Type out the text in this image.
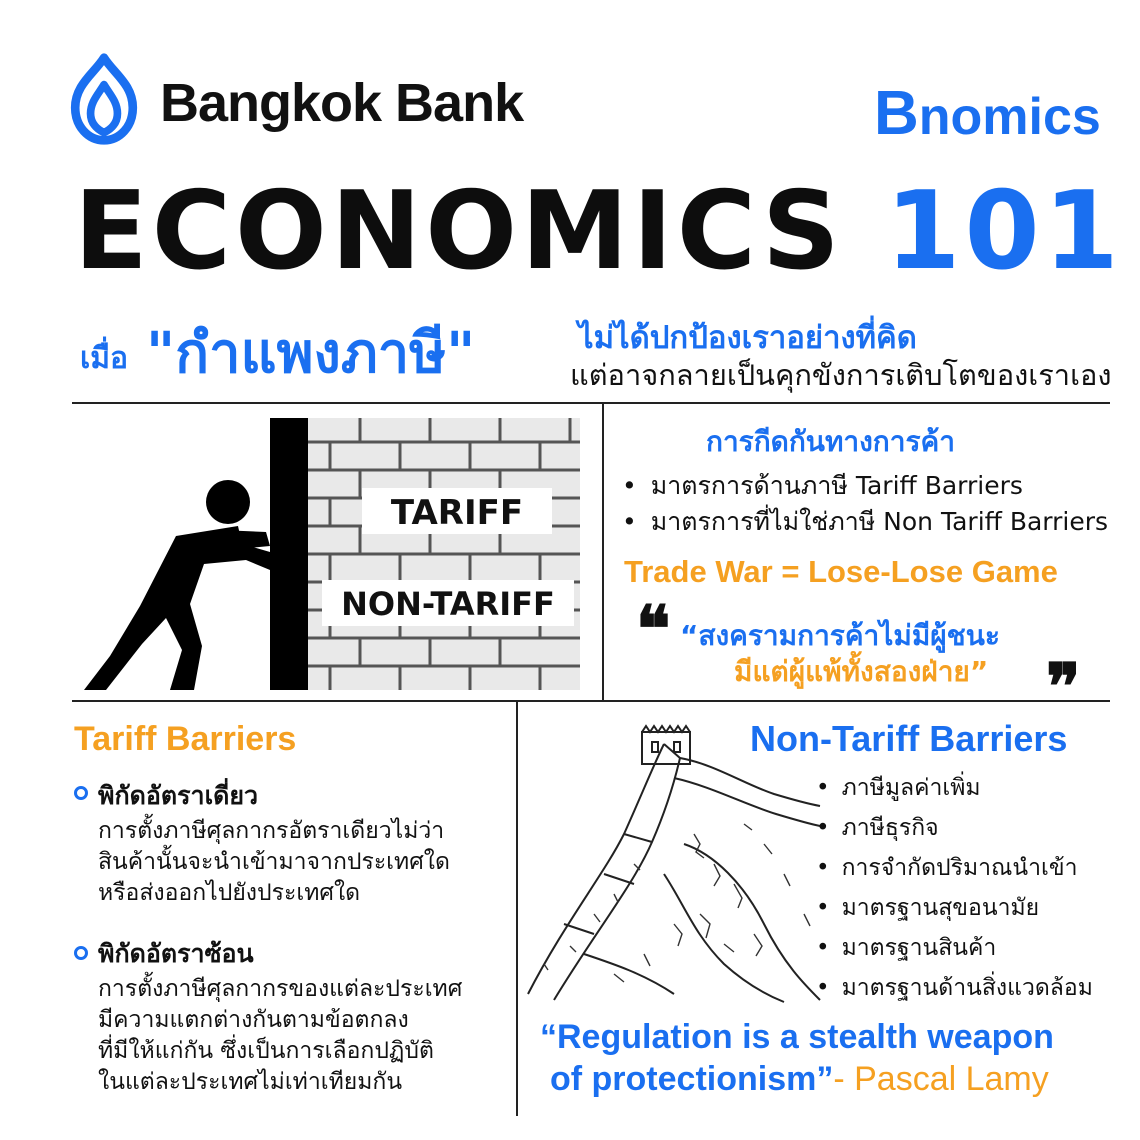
Bangkok Bank	Bnomics
ECONOMICS 101
เมื่อ "กำแพงภาษี"	ไม่ได้ปกป้องเราอย่างที่คิด
แต่อาจกลายเป็นคุกขังการเติบโตของเราเอง
TARIFF
NON-TARIFF
การกีดกันทางการค้า
• มาตรการด้านภาษี Tariff Barriers
• มาตรการที่ไม่ใช่ภาษี Non Tariff Barriers
Trade War = Lose-Lose Game
❝ “สงครามการค้าไม่มีผู้ชนะ
มีแต่ผู้แพ้ทั้งสองฝ่าย” ❞
Tariff Barriers
พิกัดอัตราเดี่ยว
การตั้งภาษีศุลกากรอัตราเดียวไม่ว่า
สินค้านั้นจะนำเข้ามาจากประเทศใด
หรือส่งออกไปยังประเทศใด
พิกัดอัตราซ้อน
การตั้งภาษีศุลกากรของแต่ละประเทศ
มีความแตกต่างกันตามข้อตกลง
ที่มีให้แก่กัน ซึ่งเป็นการเลือกปฏิบัติ
ในแต่ละประเทศไม่เท่าเทียมกัน
Non-Tariff Barriers
• ภาษีมูลค่าเพิ่ม
• ภาษีธุรกิจ
• การจำกัดปริมาณนำเข้า
• มาตรฐานสุขอนามัย
• มาตรฐานสินค้า
• มาตรฐานด้านสิ่งแวดล้อม
“Regulation is a stealth weapon
of protectionism”- Pascal Lamy
